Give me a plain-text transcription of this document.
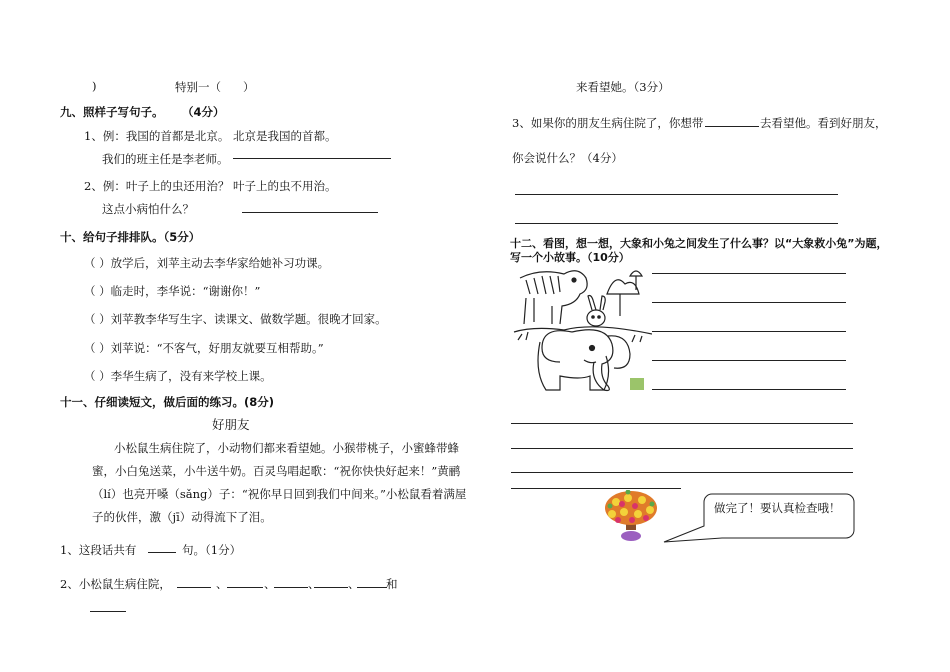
)	特别一（ ）
九、照样子写句子。 （4分）
1、例：我国的首都是北京。 北京是我国的首都。
我们的班主任是李老师。
2、例：叶子上的虫还用治？ 叶子上的虫不用治。
这点小病怕什么？
十、给句子排排队。（5分）
（ ）放学后，刘苹主动去李华家给她补习功课。
（ ）临走时，李华说：“谢谢你！”
（ ）刘苹教李华写生字、读课文、做数学题。很晚才回家。
（ ）刘苹说：“不客气，好朋友就要互相帮助。”
（ ）李华生病了，没有来学校上课。
十一、仔细读短文，做后面的练习。(8分)
好朋友

小松鼠生病住院了，小动物们都来看望她。小猴带桃子，小蜜蜂带蜂蜜，小白兔送菜，小牛送牛奶。百灵鸟唱起歌：“祝你快快好起来！”黄鹂（lí）也亮开嗓（sǎng）子：“祝你早日回到我们中间来。”小松鼠看着满屋子的伙伴，激（jī）动得流下了泪。

1、这段话共有	句。（1分）
2、小松鼠生病住院，	、	、	、 、 和
来看望她。（3分）
3、如果你的朋友生病住院了，你想带	去看望他。看到好朋友，
你会说什么？（4分）
十二、看图，想一想，大象和小兔之间发生了什么事？以“大象救小兔”为题，
写一个小故事。（10分）
做完了！要认真检查哦！
